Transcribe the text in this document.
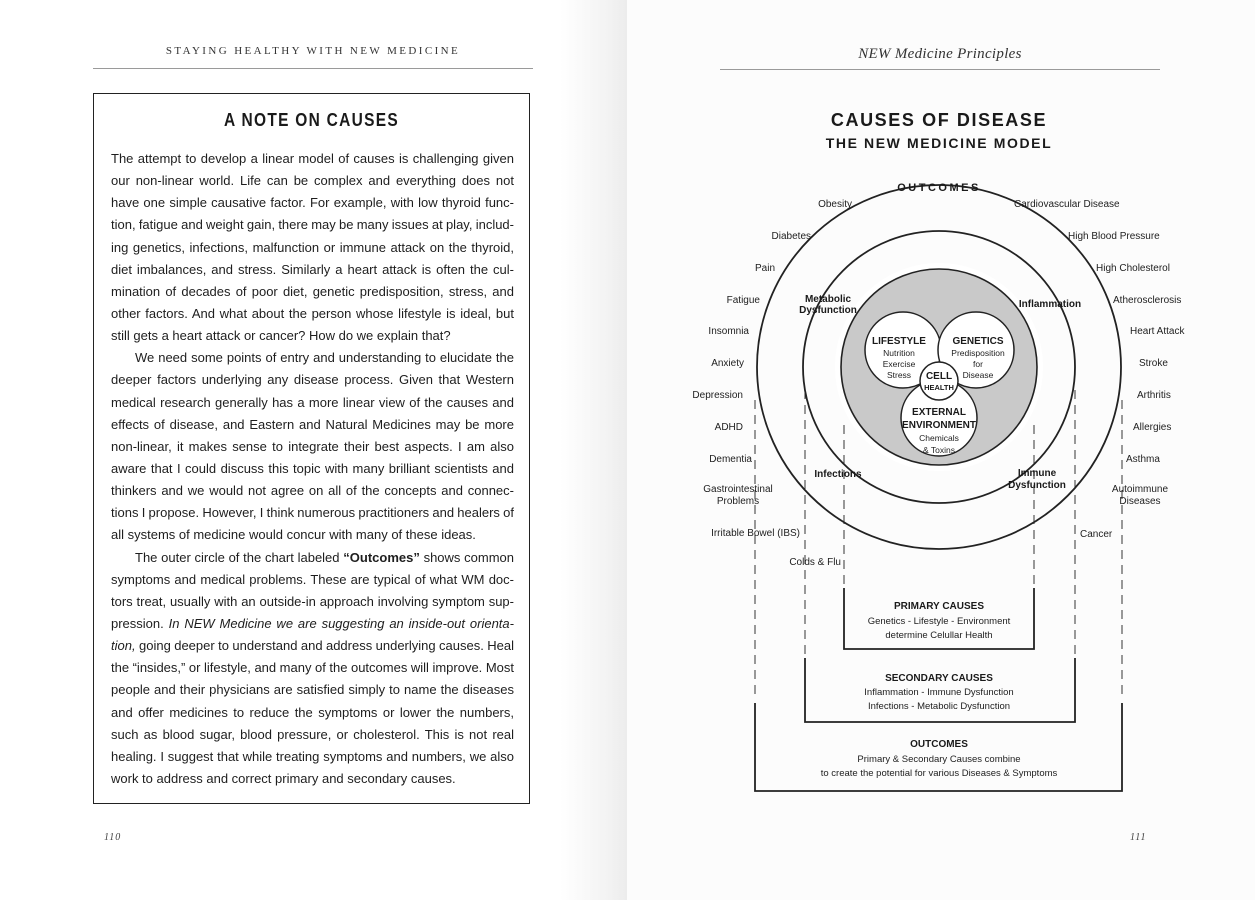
STAYING HEALTHY WITH NEW MEDICINE
A NOTE ON CAUSES
The attempt to develop a linear model of causes is challenging given
our non-linear world. Life can be complex and everything does not
have one simple causative factor. For example, with low thyroid func-
tion, fatigue and weight gain, there may be many issues at play, includ-
ing genetics, infections, malfunction or immune attack on the thyroid,
diet imbalances, and stress. Similarly a heart attack is often the cul-
mination of decades of poor diet, genetic predisposition, stress, and
other factors. And what about the person whose lifestyle is ideal, but
still gets a heart attack or cancer? How do we explain that?
We need some points of entry and understanding to elucidate the
deeper factors underlying any disease process. Given that Western
medical research generally has a more linear view of the causes and
effects of disease, and Eastern and Natural Medicines may be more
non-linear, it makes sense to integrate their best aspects. I am also
aware that I could discuss this topic with many brilliant scientists and
thinkers and we would not agree on all of the concepts and connec-
tions I propose. However, I think numerous practitioners and healers of
all systems of medicine would concur with many of these ideas.
The outer circle of the chart labeled “Outcomes” shows common
symptoms and medical problems. These are typical of what WM doc-
tors treat, usually with an outside-in approach involving symptom sup-
pression. In NEW Medicine we are suggesting an inside-out orienta-
tion, going deeper to understand and address underlying causes. Heal
the “insides,” or lifestyle, and many of the outcomes will improve. Most
people and their physicians are satisfied simply to name the diseases
and offer medicines to reduce the symptoms or lower the numbers,
such as blood sugar, blood pressure, or cholesterol. This is not real
healing. I suggest that while treating symptoms and numbers, we also
work to address and correct primary and secondary causes.
110
NEW Medicine Principles
CAUSES OF DISEASE
THE NEW MEDICINE MODEL
OUTCOMES
Metabolic
Dysfunction
Inflammation
Infections	Immune
Dysfunction
LIFESTYLE
Nutrition
Exercise
Stress
GENETICS
Predisposition
for
Disease
CELL
HEALTH
EXTERNAL
ENVIRONMENT
Chemicals
& Toxins
Obesity
Diabetes
Pain
Fatigue
Insomnia
Anxiety
Depression
ADHD
Dementia
Gastrointestinal
Problems
Irritable Bowel (IBS)
Colds & Flu
Cardiovascular Disease
High Blood Pressure
High Cholesterol
Atherosclerosis
Heart Attack
Stroke
Arthritis
Allergies
Asthma
Autoimmune
Diseases
Cancer
PRIMARY CAUSES
Genetics - Lifestyle - Environment
determine Celullar Health
SECONDARY CAUSES
Inflammation - Immune Dysfunction
Infections - Metabolic Dysfunction
OUTCOMES
Primary & Secondary Causes combine
to create the potential for various Diseases & Symptoms
111
